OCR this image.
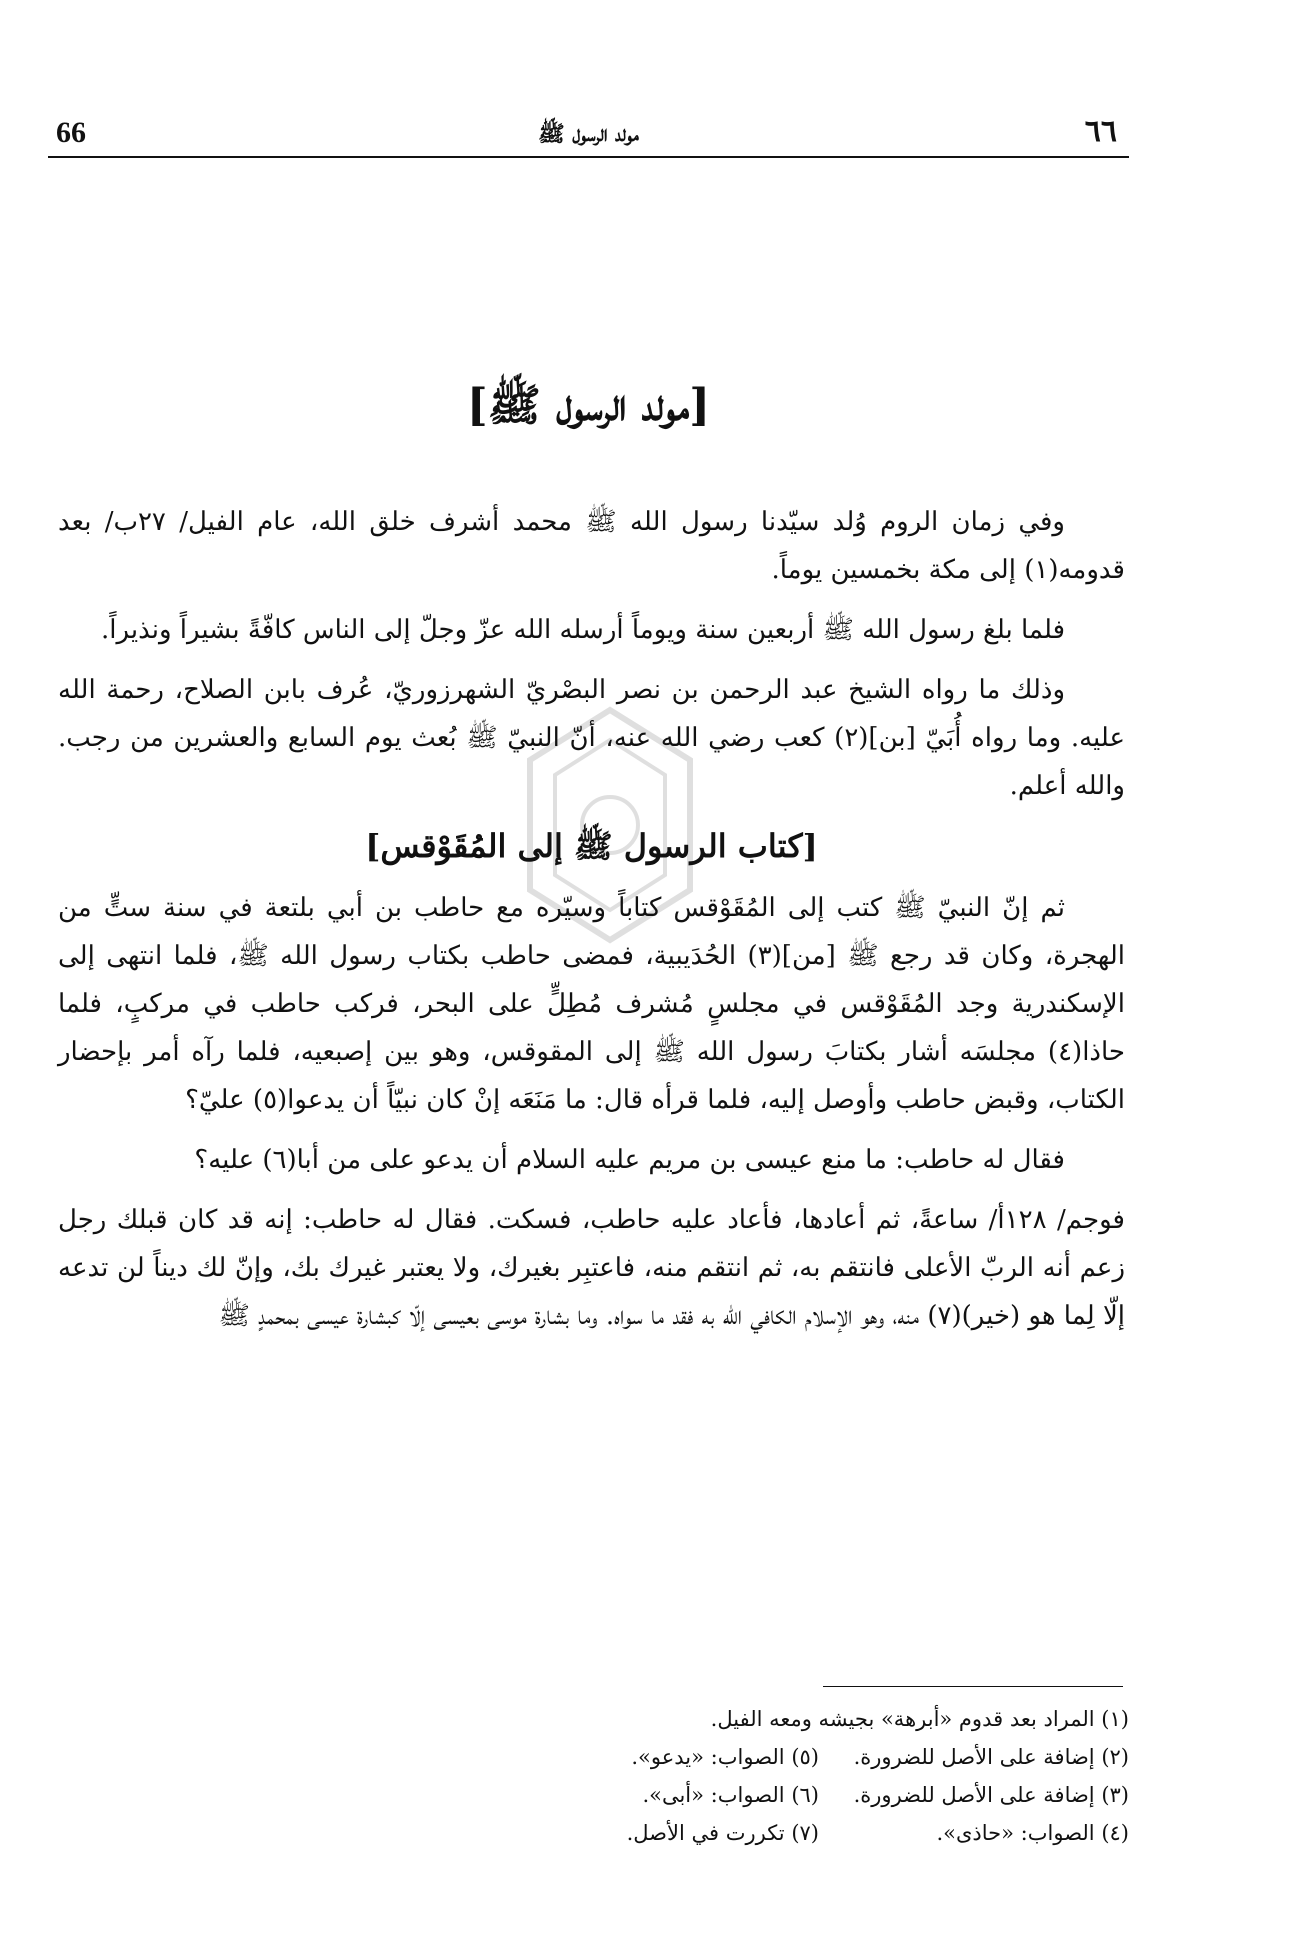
66	مولد الرسول ﷺ	٦٦
[مولد الرسول ﷺ]

وفي زمان الروم وُلد سيّدنا رسول الله ﷺ محمد أشرف خلق الله، عام الفيل/ ٢٧ب/ بعد قدومه(١) إلى مكة بخمسين يوماً.

فلما بلغ رسول الله ﷺ أربعين سنة ويوماً أرسله الله عزّ وجلّ إلى الناس كافّةً بشيراً ونذيراً.

وذلك ما رواه الشيخ عبد الرحمن بن نصر البصْريّ الشهرزوريّ، عُرف بابن الصلاح، رحمة الله عليه. وما رواه أُبَيّ [بن](٢) كعب رضي الله عنه، أنّ النبيّ ﷺ بُعث يوم السابع والعشرين من رجب. والله أعلم.

[كتاب الرسول ﷺ إلى المُقَوْقس]

ثم إنّ النبيّ ﷺ كتب إلى المُقَوْقس كتاباً وسيّره مع حاطب بن أبي بلتعة في سنة ستٍّ من الهجرة، وكان قد رجع ﷺ [من](٣) الحُدَيبية، فمضى حاطب بكتاب رسول الله ﷺ، فلما انتهى إلى الإسكندرية وجد المُقَوْقس في مجلسٍ مُشرف مُطِلٍّ على البحر، فركب حاطب في مركبٍ، فلما حاذا(٤) مجلسَه أشار بكتابَ رسول الله ﷺ إلى المقوقس، وهو بين إصبعيه، فلما رآه أمر بإحضار الكتاب، وقبض حاطب وأوصل إليه، فلما قرأه قال: ما مَنَعَه إنْ كان نبيّاً أن يدعوا(٥) عليّ؟

فقال له حاطب: ما منع عيسى بن مريم عليه السلام أن يدعو على من أبا(٦) عليه؟

فوجم/ ١٢٨أ/ ساعةً، ثم أعادها، فأعاد عليه حاطب، فسكت. فقال له حاطب: إنه قد كان قبلك رجل زعم أنه الربّ الأعلى فانتقم به، ثم انتقم منه، فاعتبِر بغيرك، ولا يعتبر غيرك بك، وإنّ لك ديناً لن تدعه إلّا لِما هو (خير)(٧) منه، وهو الإسلام الكافي الله به فقد ما سواه. وما بشارة موسى بعيسى إلّا كبشارة عيسى بمحمدٍ ﷺ

(١) المراد بعد قدوم «أبرهة» بجيشه ومعه الفيل.
(٢) إضافة على الأصل للضرورة.
(٥) الصواب: «يدعو».
(٣) إضافة على الأصل للضرورة.
(٦) الصواب: «أبى».
(٤) الصواب: «حاذى».
(٧) تكررت في الأصل.
